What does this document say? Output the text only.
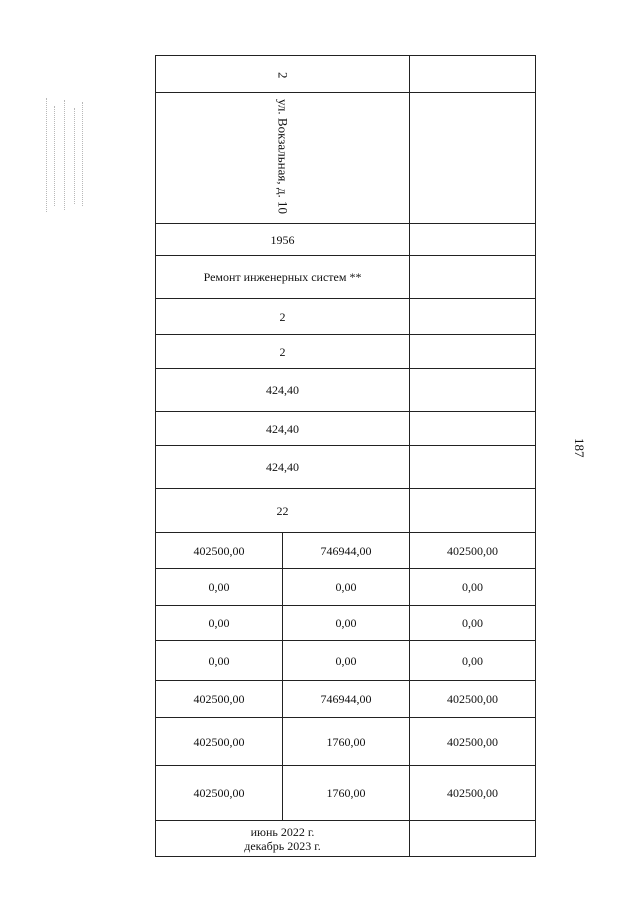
2		
ул. Вокзальная, д. 10		
1956		
Ремонт инженерных систем **		
2		
2		
424,40		
424,40		
424,40		
22		
402500,00	746944,00	402500,00
0,00	0,00	0,00
0,00	0,00	0,00
0,00	0,00	0,00
402500,00	746944,00	402500,00
402500,00	1760,00	402500,00
402500,00	1760,00	402500,00

июнь 2022 г.
декабрь 2023 г.		

187
